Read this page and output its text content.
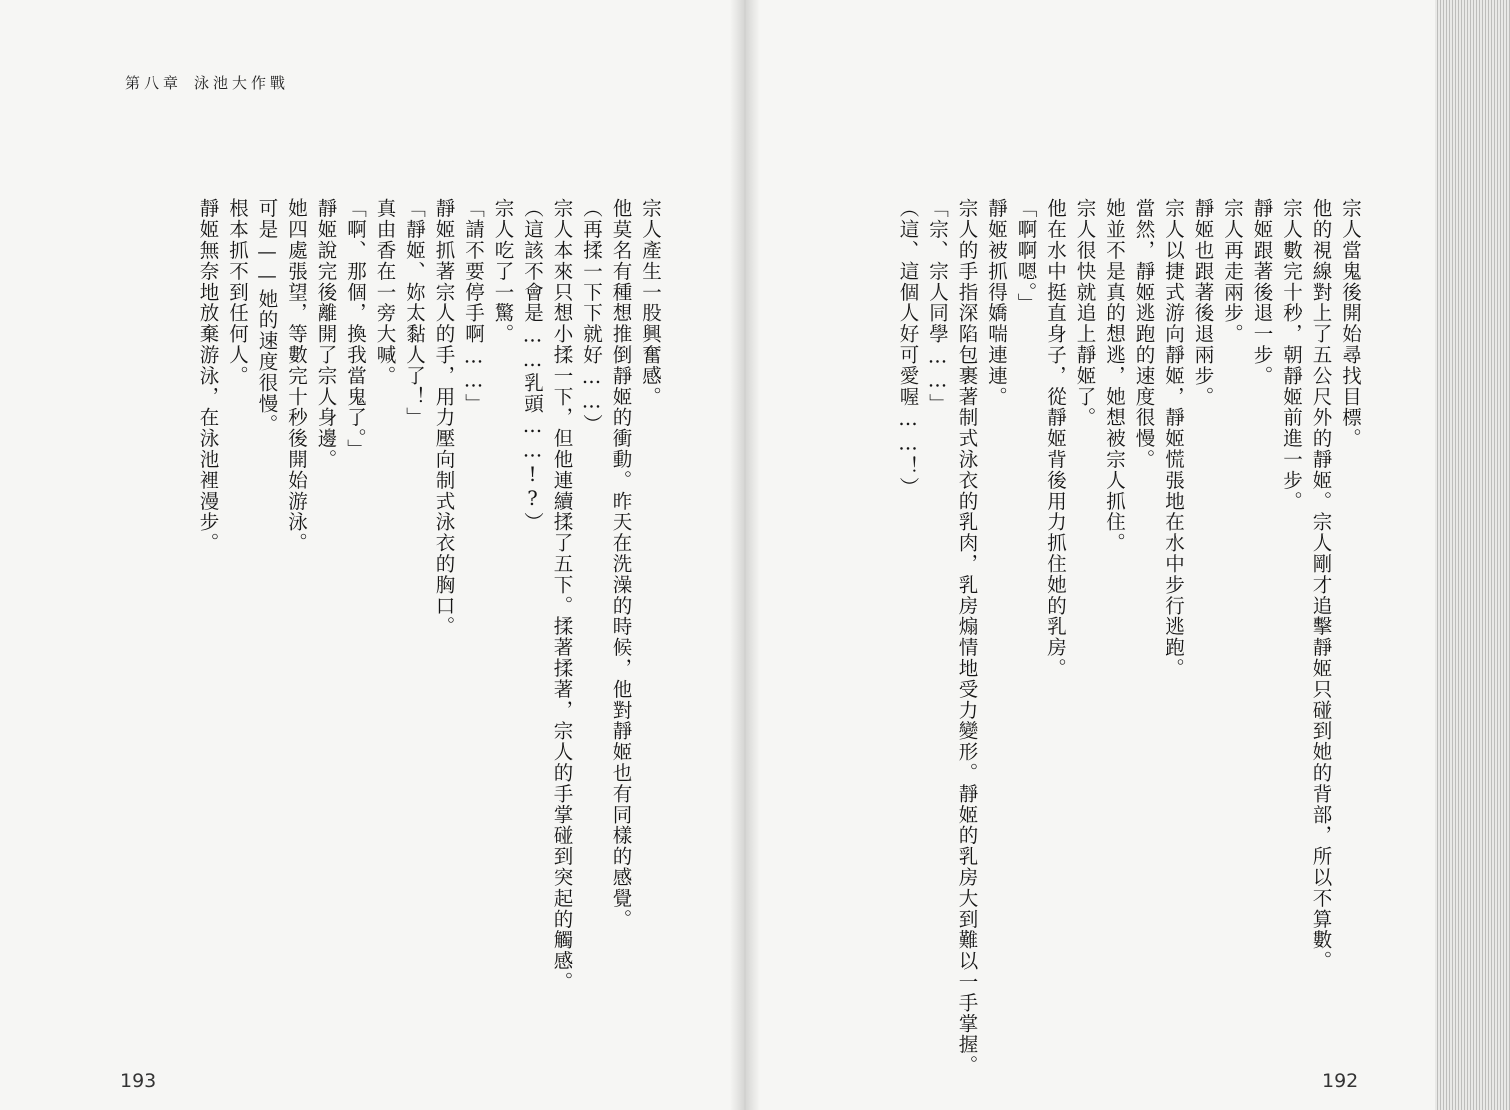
第八章 泳池大作戰

宗人當鬼後開始尋找目標。

他的視線對上了五公尺外的靜姬。宗人剛才追擊靜姬只碰到她的背部，所以不算數。

宗人數完十秒，朝靜姬前進一步。

靜姬跟著後退一步。

宗人再走兩步。

靜姬也跟著後退兩步。

宗人以捷式游向靜姬，靜姬慌張地在水中步行逃跑。

當然，靜姬逃跑的速度很慢。

她並不是真的想逃，她想被宗人抓住。

宗人很快就追上靜姬了。

他在水中挺直身子，從靜姬背後用力抓住她的乳房。

「啊啊嗯。」

靜姬被抓得嬌喘連連。

宗人的手指深陷包裹著制式泳衣的乳肉，乳房煽情地受力變形。靜姬的乳房大到難以一手掌握。

「宗、宗人同學……」

（這、這個人好可愛喔……！）

宗人產生一股興奮感。

他莫名有種想推倒靜姬的衝動。昨天在洗澡的時候，他對靜姬也有同樣的感覺。

（再揉一下下就好……）

宗人本來只想小揉一下，但他連續揉了五下。揉著揉著，宗人的手掌碰到突起的觸感。

（這該不會是……乳頭……!?）

宗人吃了一驚。

「請不要停手啊……」

靜姬抓著宗人的手，用力壓向制式泳衣的胸口。

「靜姬、妳太黏人了！」

真由香在一旁大喊。

「啊、那個，換我當鬼了。」

靜姬說完後離開了宗人身邊。

她四處張望，等數完十秒後開始游泳。

可是——她的速度很慢。

根本抓不到任何人。

靜姬無奈地放棄游泳，在泳池裡漫步。

193	192
